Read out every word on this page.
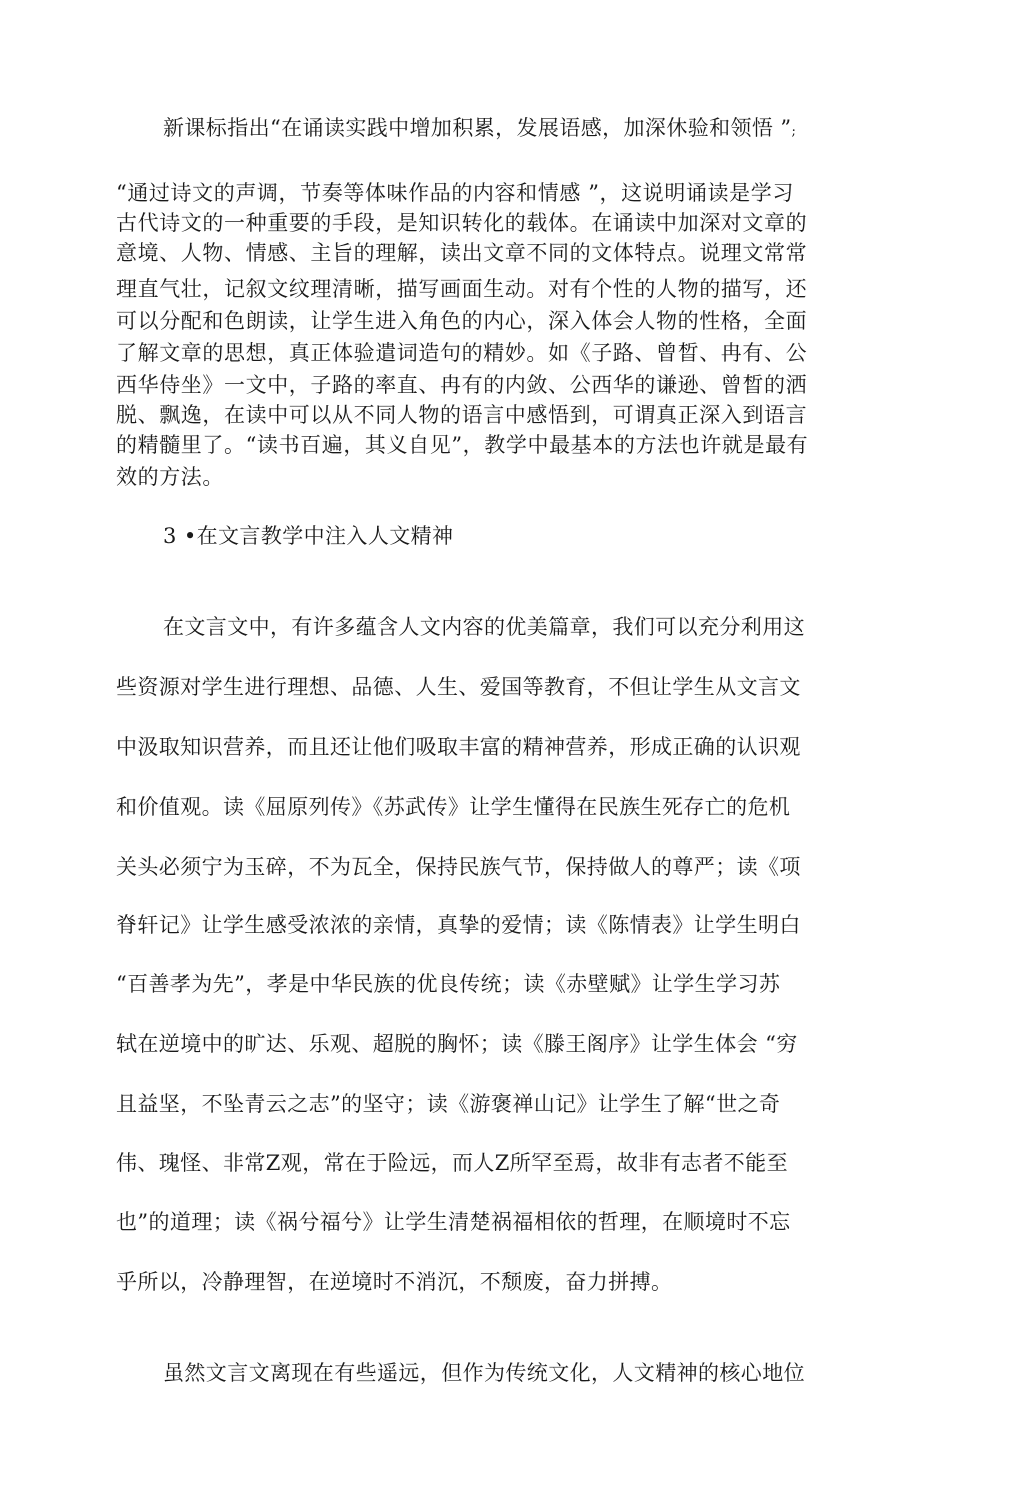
新课标指出“在诵读实践中增加积累，发展语感，加深休验和领悟 ”;
“通过诗文的声调，节奏等体味作品的内容和情感 ”，这说明诵读是学习
古代诗文的一种重要的手段，是知识转化的载体。在诵读中加深对文章的
意境、人物、情感、主旨的理解，读出文章不同的文体特点。说理文常常
理直气壮，记叙文纹理清晰，描写画面生动。对有个性的人物的描写，还
可以分配和色朗读，让学生进入角色的内心，深入体会人物的性格，全面
了解文章的思想，真正体验遣词造句的精妙。如《子路、曾晳、冉有、公
西华侍坐》一文中，子路的率直、冉有的内敛、公西华的谦逊、曾晳的洒
脱、飘逸，在读中可以从不同人物的语言中感悟到，可谓真正深入到语言
的精髓里了。“读书百遍，其义自见”，教学中最基本的方法也许就是最有
效的方法。
3 •在文言教学中注入人文精神
在文言文中，有许多蕴含人文内容的优美篇章，我们可以充分利用这
些资源对学生进行理想、品德、人生、爱国等教育，不但让学生从文言文
中汲取知识营养，而且还让他们吸取丰富的精神营养，形成正确的认识观
和价值观。读《屈原列传》《苏武传》让学生懂得在民族生死存亡的危机
关头必须宁为玉碎，不为瓦全，保持民族气节，保持做人的尊严；读《项
脊轩记》让学生感受浓浓的亲情，真挚的爱情；读《陈情表》让学生明白
“百善孝为先”，孝是中华民族的优良传统；读《赤壁赋》让学生学习苏
轼在逆境中的旷达、乐观、超脱的胸怀；读《滕王阁序》让学生体会 “穷
且益坚，不坠青云之志”的坚守；读《游褒禅山记》让学生了解“世之奇
伟、瑰怪、非常Z观，常在于险远，而人Z所罕至焉，故非有志者不能至
也”的道理；读《祸兮福兮》让学生清楚祸福相依的哲理，在顺境时不忘
乎所以，冷静理智，在逆境时不消沉，不颓废，奋力拼搏。
虽然文言文离现在有些遥远，但作为传统文化，人文精神的核心地位
